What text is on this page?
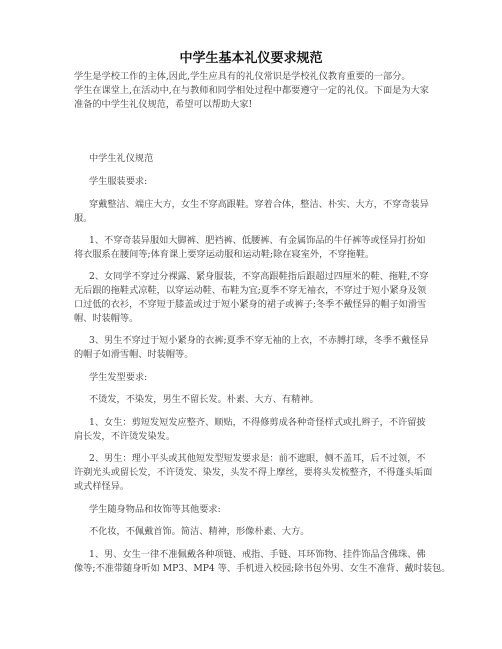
中学生基本礼仪要求规范
学生是学校工作的主体,因此,学生应具有的礼仪常识是学校礼仪教育重要的一部分。
学生在课堂上,在活动中,在与教师和同学相处过程中都要遵守一定的礼仪。下面是为大家
准备的中学生礼仪规范，希望可以帮助大家!
中学生礼仪规范
学生服装要求:
穿戴整洁、端庄大方，女生不穿高跟鞋。穿着合体，整洁、朴实、大方，不穿奇装异
服。
1、不穿奇装异服如大脚裤、肥裆裤、低腰裤、有金属饰品的牛仔裤等或怪异打扮如
将衣服系在腰间等;体育课上要穿运动服和运动鞋;除在寝室外，不穿拖鞋。
2、女同学不穿过分裸露、紧身服装，不穿高跟鞋指后跟超过四厘米的鞋、拖鞋,不穿
无后跟的拖鞋式凉鞋，以穿运动鞋、布鞋为宜;夏季不穿无袖衣，不穿过于短小紧身及领
口过低的衣衫，不穿短于膝盖或过于短小紧身的裙子或裤子;冬季不戴怪异的帽子如滑雪
帽、时装帽等。
3、男生不穿过于短小紧身的衣裤;夏季不穿无袖的上衣，不赤膊打球，冬季不戴怪异
的帽子如滑雪帽、时装帽等。
学生发型要求:
不烫发，不染发，男生不留长发。朴素、大方、有精神。
1、女生：剪短发短发应整齐、顺贴，不得修剪成各种奇怪样式或扎辫子，不许留披
肩长发，不许烫发染发。
2、男生：理小平头或其他短发型短发要求是：前不遮眼，侧不盖耳，后不过领，不
许剃光头或留长发，不许烫发、染发，头发不得上摩丝，要将头发梳整齐，不得蓬头垢面
或式样怪异。
学生随身物品和妆饰等其他要求:
不化妆，不佩戴首饰。简洁、精神，形像朴素、大方。
1、男、女生一律不准佩戴各种项链、戒指、手链、耳环饰物、挂件饰品含佛珠、佛
像等;不准带随身听如 MP3、MP4 等、手机进入校园;除书包外男、女生不准背、戴时装包。
